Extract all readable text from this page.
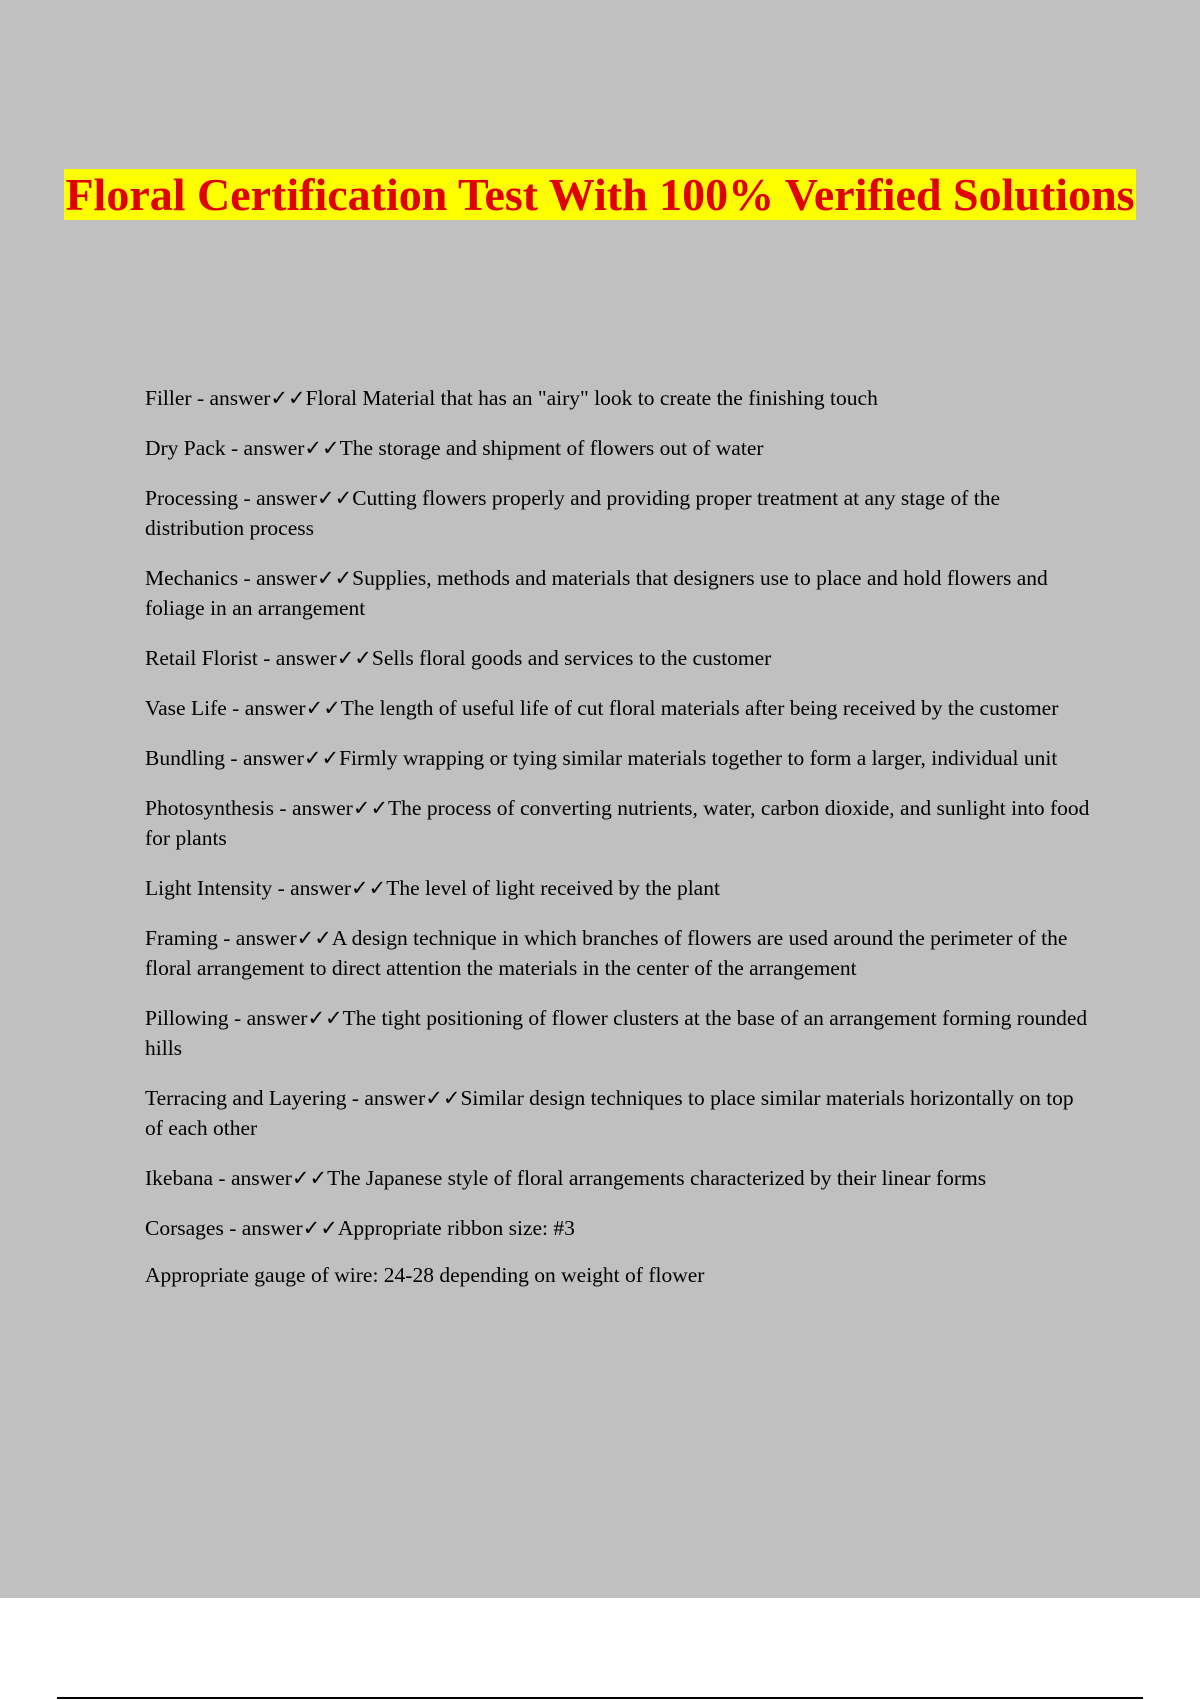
Floral Certification Test With 100% Verified Solutions
Filler - answer✓✓Floral Material that has an "airy" look to create the finishing touch
Dry Pack - answer✓✓The storage and shipment of flowers out of water
Processing - answer✓✓Cutting flowers properly and providing proper treatment at any stage of the distribution process
Mechanics - answer✓✓Supplies, methods and materials that designers use to place and hold flowers and foliage in an arrangement
Retail Florist - answer✓✓Sells floral goods and services to the customer
Vase Life - answer✓✓The length of useful life of cut floral materials after being received by the customer
Bundling - answer✓✓Firmly wrapping or tying similar materials together to form a larger, individual unit
Photosynthesis - answer✓✓The process of converting nutrients, water, carbon dioxide, and sunlight into food for plants
Light Intensity - answer✓✓The level of light received by the plant
Framing - answer✓✓A design technique in which branches of flowers are used around the perimeter of the floral arrangement to direct attention the materials in the center of the arrangement
Pillowing - answer✓✓The tight positioning of flower clusters at the base of an arrangement forming rounded hills
Terracing and Layering - answer✓✓Similar design techniques to place similar materials horizontally on top of each other
Ikebana - answer✓✓The Japanese style of floral arrangements characterized by their linear forms
Corsages - answer✓✓Appropriate ribbon size: #3
Appropriate gauge of wire: 24-28 depending on weight of flower
